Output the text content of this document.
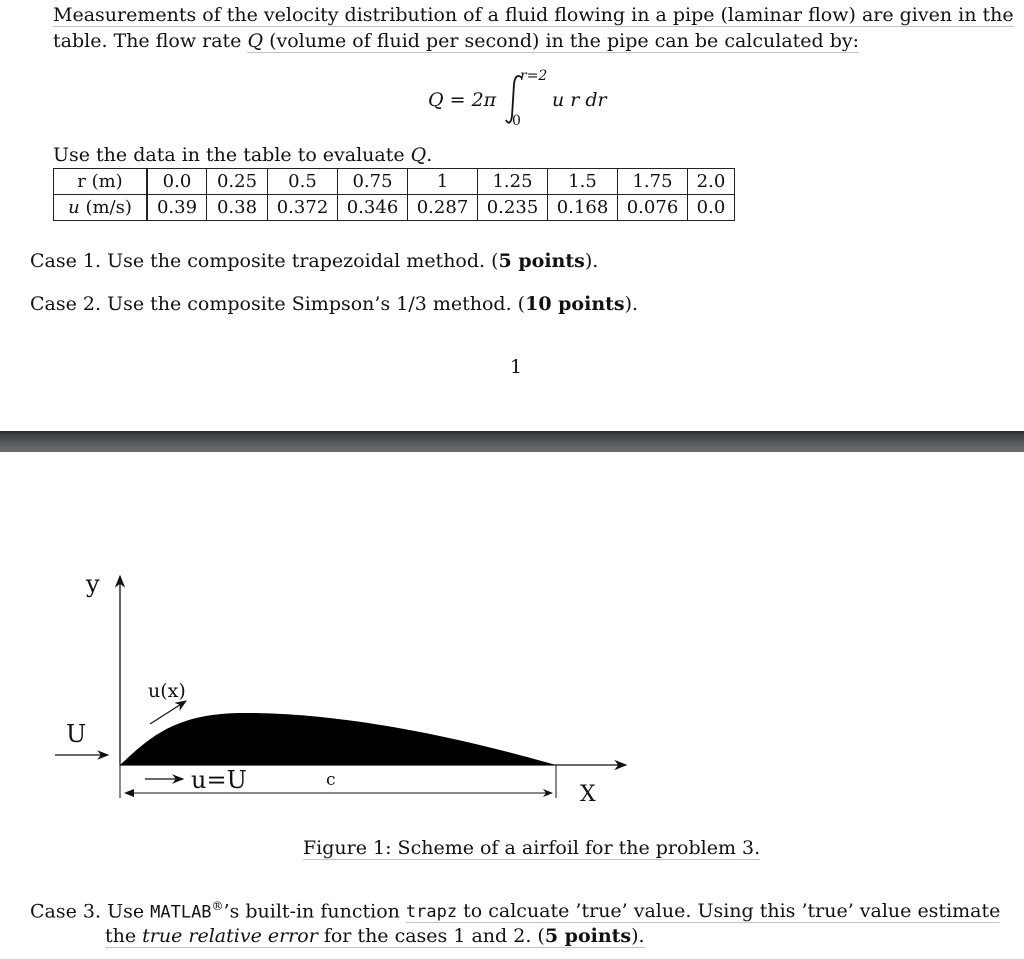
Measurements of the velocity distribution of a fluid flowing in a pipe (laminar flow) are given in the
table. The flow rate Q (volume of fluid per second) in the pipe can be calculated by:
Q = 2π
r=2
0
u r dr
Use the data in the table to evaluate Q.
r (m)	0.0	0.25	0.5	0.75	1	1.25	1.5	1.75	2.0
u (m/s)	0.39	0.38	0.372	0.346	0.287	0.235	0.168	0.076	0.0
Case 1. Use the composite trapezoidal method. (5 points).
Case 2. Use the composite Simpson’s 1/3 method. (10 points).
1
y
U
u(x)
u=U	c
X
Figure 1: Scheme of a airfoil for the problem 3.
Case 3. Use MATLAB®’s built-in function trapz to calcuate ’true’ value. Using this ’true’ value estimate
the true relative error for the cases 1 and 2. (5 points).
